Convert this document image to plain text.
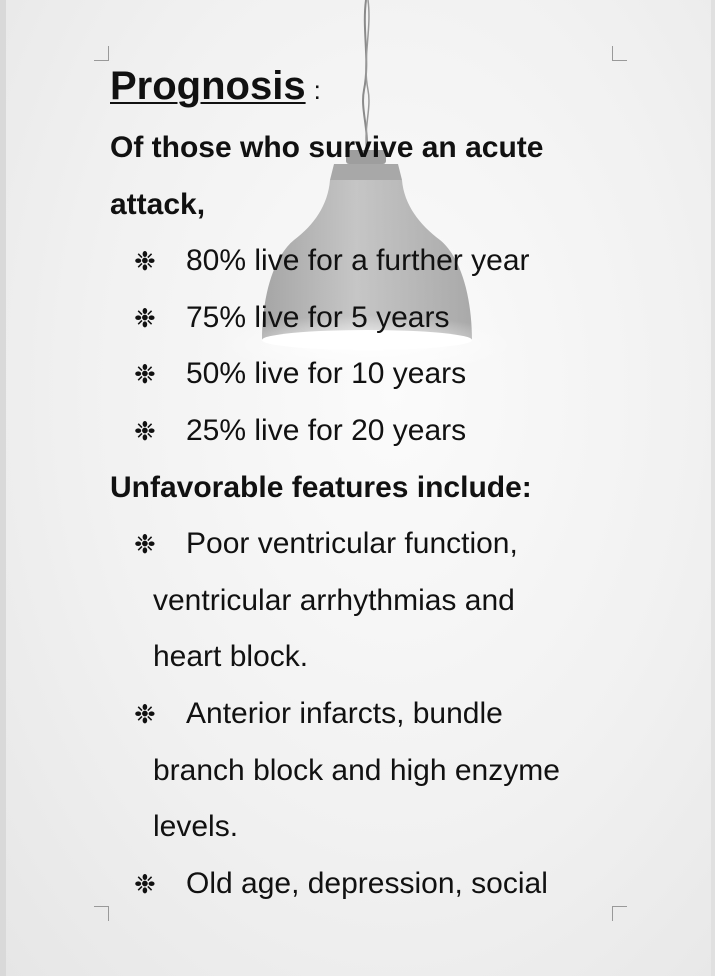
Prognosis :
Of those who survive an acute
attack,
❉ 80% live for a further year
❉ 75% live for 5 years
❉ 50% live for 10 years
❉ 25% live for 20 years
Unfavorable features include:
❉ Poor ventricular function,
ventricular arrhythmias and
heart block.
❉ Anterior infarcts, bundle
branch block and high enzyme
levels.
❉ Old age, depression, social
